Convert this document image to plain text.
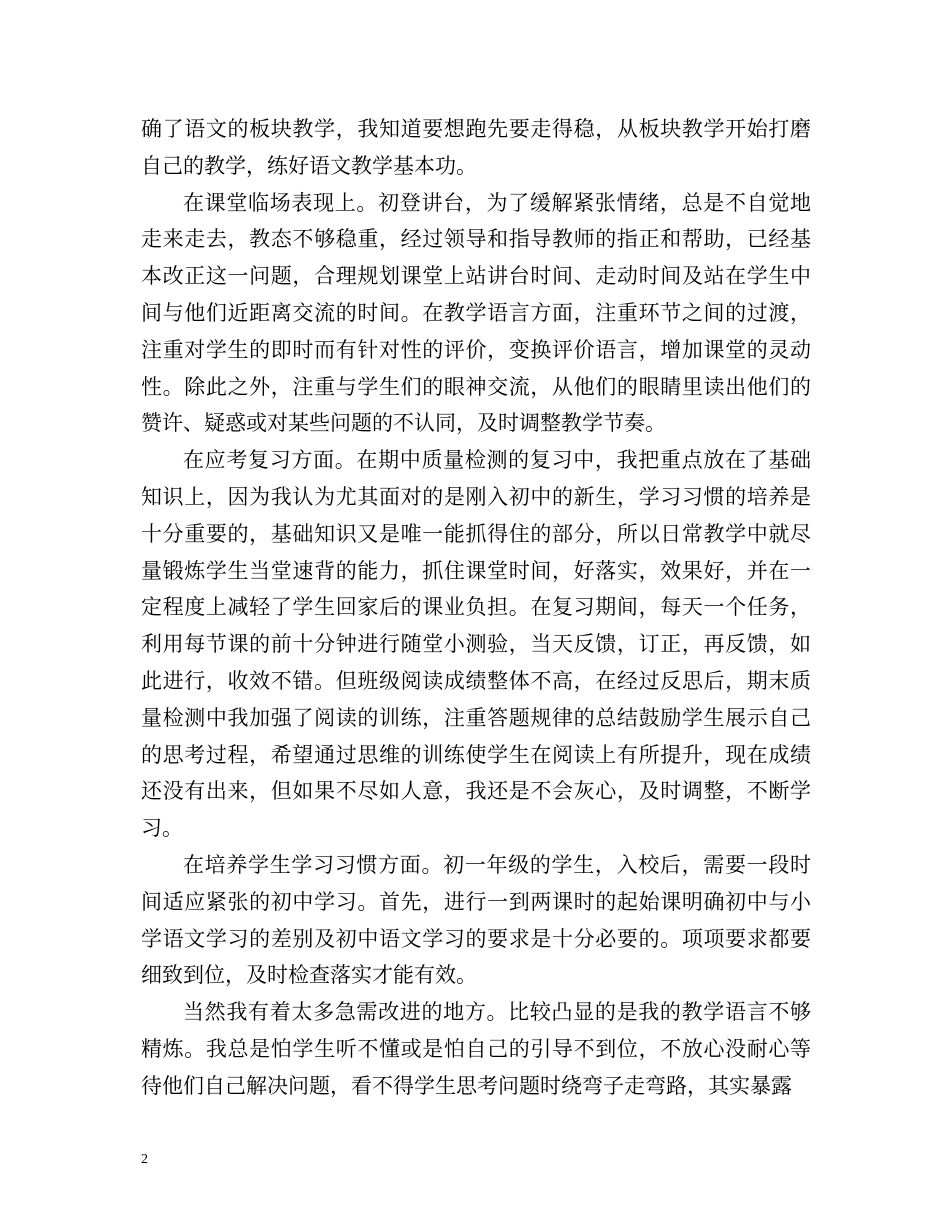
确了语文的板块教学，我知道要想跑先要走得稳，从板块教学开始打磨自己的教学，练好语文教学基本功。

在课堂临场表现上。初登讲台，为了缓解紧张情绪，总是不自觉地走来走去，教态不够稳重，经过领导和指导教师的指正和帮助，已经基本改正这一问题，合理规划课堂上站讲台时间、走动时间及站在学生中间与他们近距离交流的时间。在教学语言方面，注重环节之间的过渡，注重对学生的即时而有针对性的评价，变换评价语言，增加课堂的灵动性。除此之外，注重与学生们的眼神交流，从他们的眼睛里读出他们的赞许、疑惑或对某些问题的不认同，及时调整教学节奏。

在应考复习方面。在期中质量检测的复习中，我把重点放在了基础知识上，因为我认为尤其面对的是刚入初中的新生，学习习惯的培养是十分重要的，基础知识又是唯一能抓得住的部分，所以日常教学中就尽量锻炼学生当堂速背的能力，抓住课堂时间，好落实，效果好，并在一定程度上减轻了学生回家后的课业负担。在复习期间，每天一个任务，利用每节课的前十分钟进行随堂小测验，当天反馈，订正，再反馈，如此进行，收效不错。但班级阅读成绩整体不高，在经过反思后，期末质量检测中我加强了阅读的训练，注重答题规律的总结鼓励学生展示自己的思考过程，希望通过思维的训练使学生在阅读上有所提升，现在成绩还没有出来，但如果不尽如人意，我还是不会灰心，及时调整，不断学习。

在培养学生学习习惯方面。初一年级的学生，入校后，需要一段时间适应紧张的初中学习。首先，进行一到两课时的起始课明确初中与小学语文学习的差别及初中语文学习的要求是十分必要的。项项要求都要细致到位，及时检查落实才能有效。

当然我有着太多急需改进的地方。比较凸显的是我的教学语言不够精炼。我总是怕学生听不懂或是怕自己的引导不到位，不放心没耐心等待他们自己解决问题，看不得学生思考问题时绕弯子走弯路，其实暴露

2
